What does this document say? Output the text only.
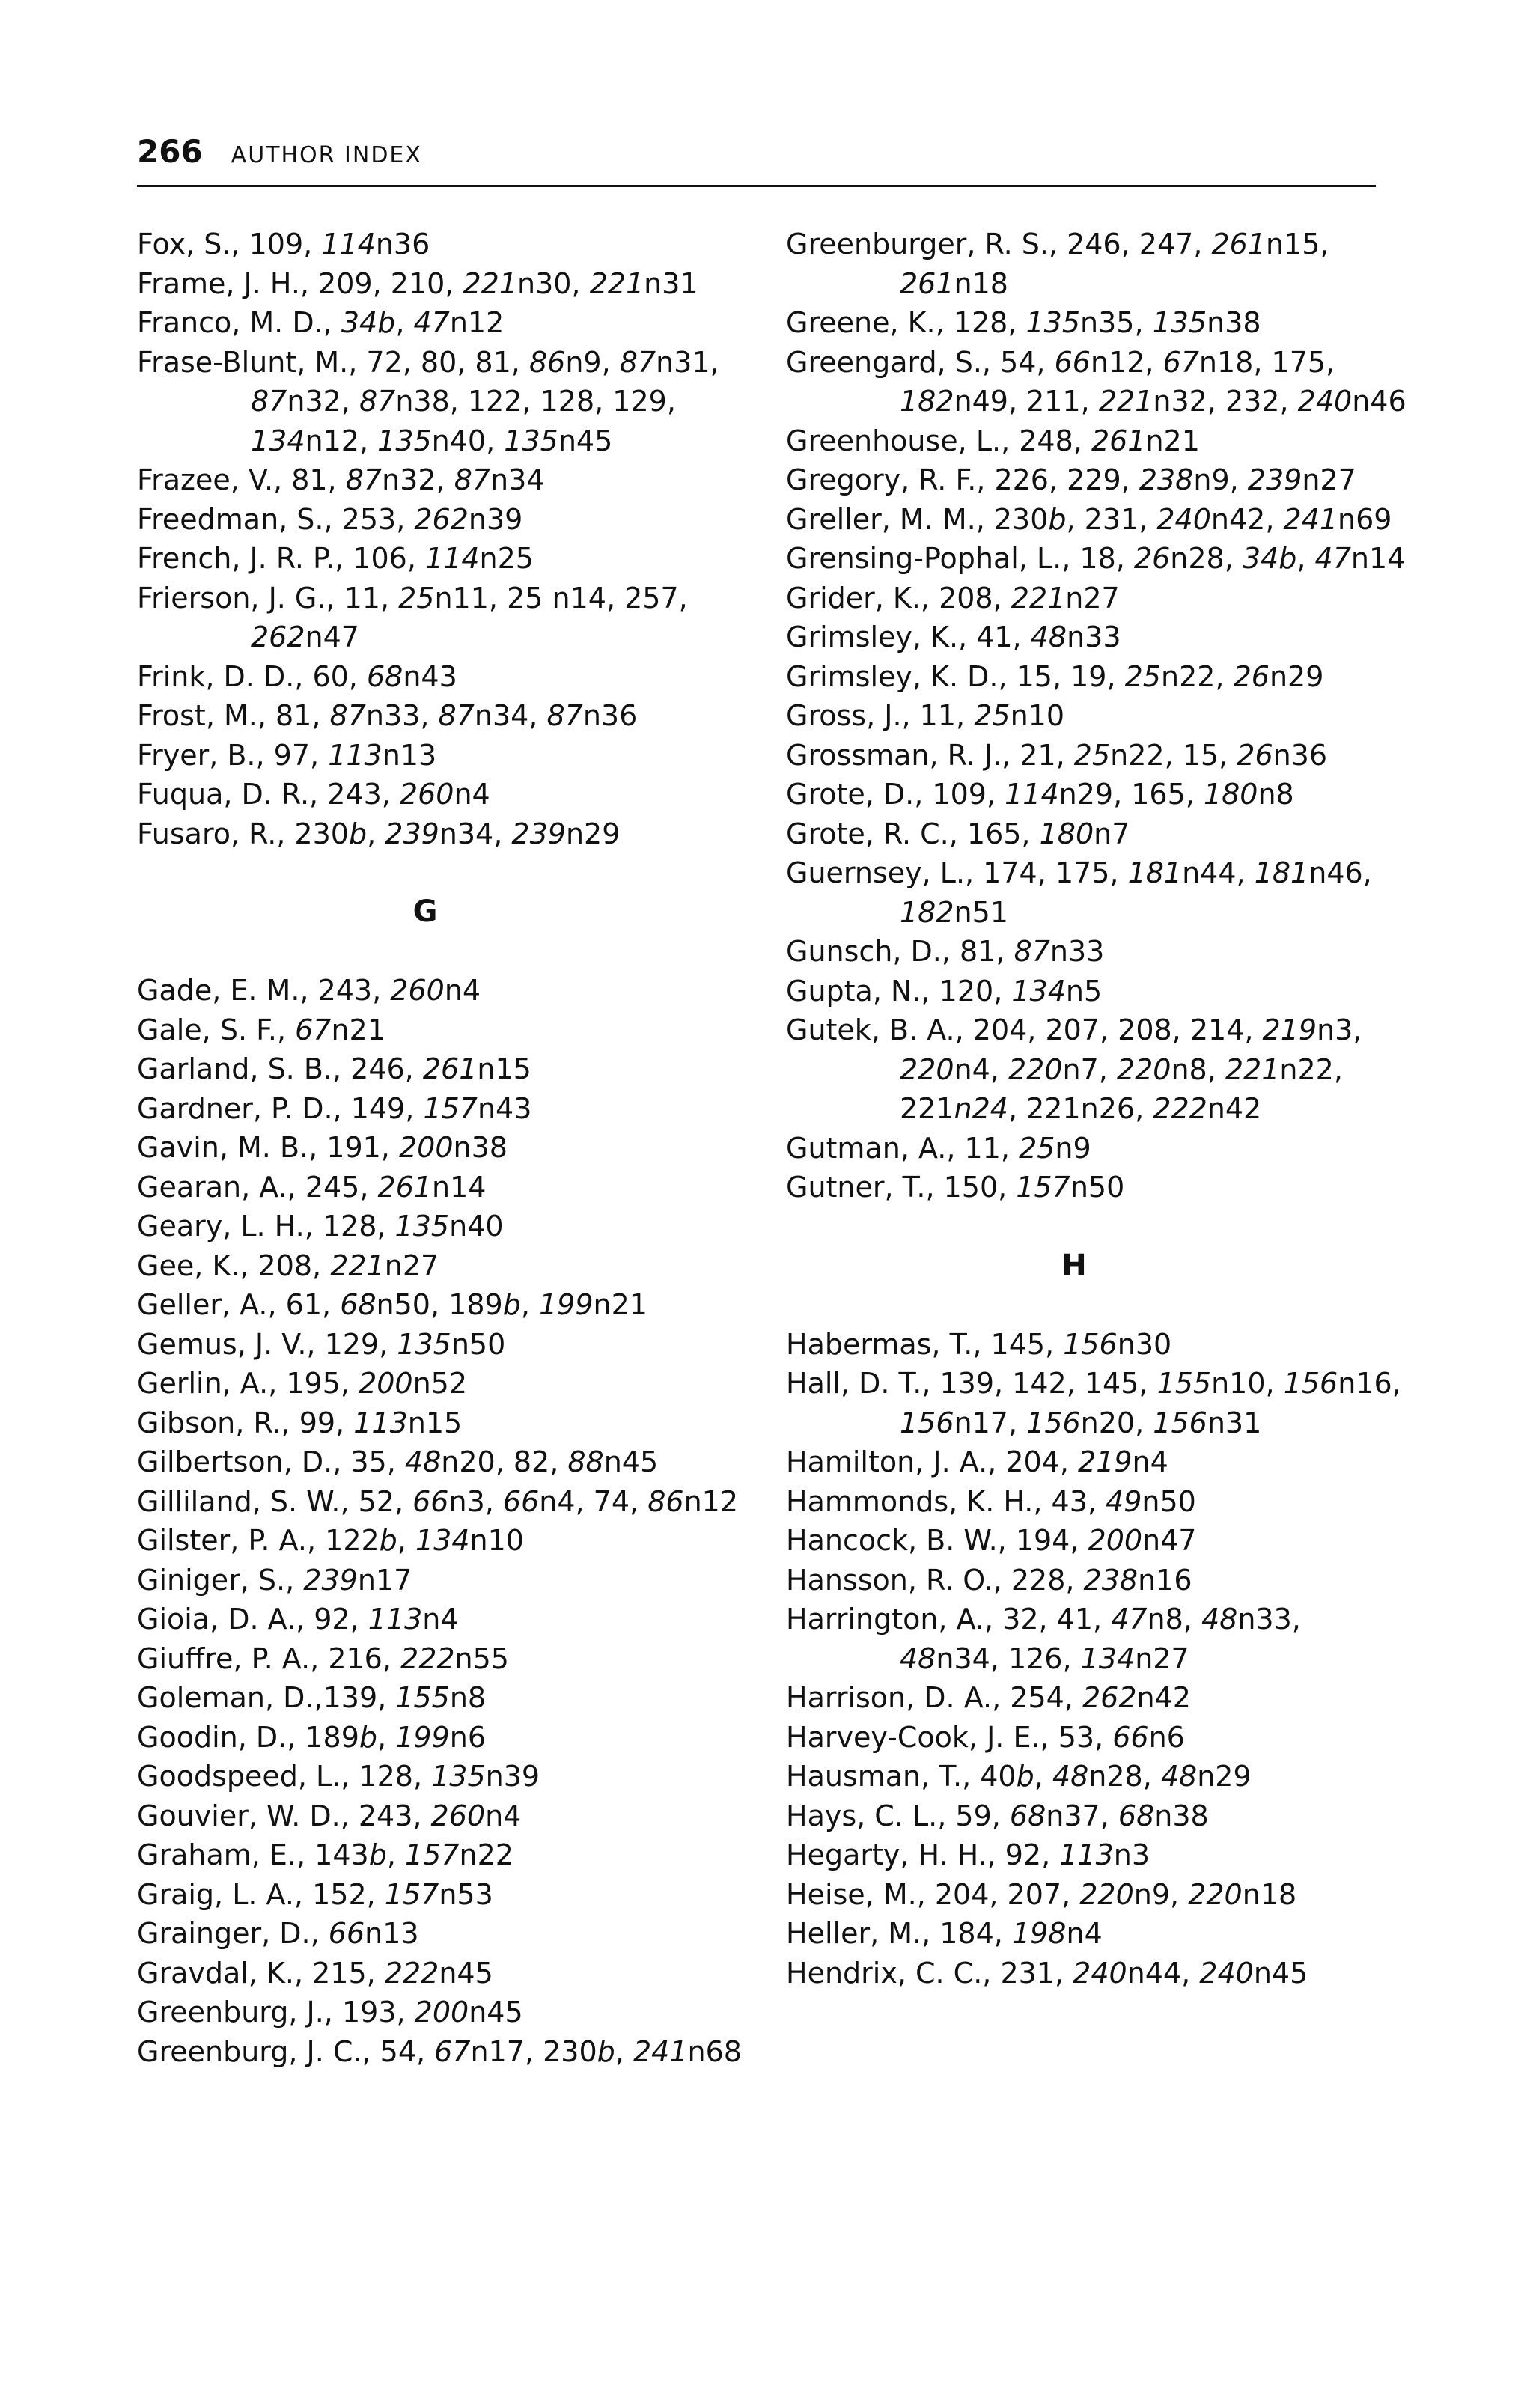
266 AUTHOR INDEX
Fox, S., 109, 114n36
Frame, J. H., 209, 210, 221n30, 221n31
Franco, M. D., 34b, 47n12
Frase-Blunt, M., 72, 80, 81, 86n9, 87n31, 87n32, 87n38, 122, 128, 129, 134n12, 135n40, 135n45
Frazee, V., 81, 87n32, 87n34
Freedman, S., 253, 262n39
French, J. R. P., 106, 114n25
Frierson, J. G., 11, 25n11, 25 n14, 257, 262n47
Frink, D. D., 60, 68n43
Frost, M., 81, 87n33, 87n34, 87n36
Fryer, B., 97, 113n13
Fuqua, D. R., 243, 260n4
Fusaro, R., 230b, 239n34, 239n29
G
Gade, E. M., 243, 260n4
Gale, S. F., 67n21
Garland, S. B., 246, 261n15
Gardner, P. D., 149, 157n43
Gavin, M. B., 191, 200n38
Gearan, A., 245, 261n14
Geary, L. H., 128, 135n40
Gee, K., 208, 221n27
Geller, A., 61, 68n50, 189b, 199n21
Gemus, J. V., 129, 135n50
Gerlin, A., 195, 200n52
Gibson, R., 99, 113n15
Gilbertson, D., 35, 48n20, 82, 88n45
Gilliland, S. W., 52, 66n3, 66n4, 74, 86n12
Gilster, P. A., 122b, 134n10
Giniger, S., 239n17
Gioia, D. A., 92, 113n4
Giuffre, P. A., 216, 222n55
Goleman, D.,139, 155n8
Goodin, D., 189b, 199n6
Goodspeed, L., 128, 135n39
Gouvier, W. D., 243, 260n4
Graham, E., 143b, 157n22
Graig, L. A., 152, 157n53
Grainger, D., 66n13
Gravdal, K., 215, 222n45
Greenburg, J., 193, 200n45
Greenburg, J. C., 54, 67n17, 230b, 241n68
Greenburger, R. S., 246, 247, 261n15, 261n18
Greene, K., 128, 135n35, 135n38
Greengard, S., 54, 66n12, 67n18, 175, 182n49, 211, 221n32, 232, 240n46
Greenhouse, L., 248, 261n21
Gregory, R. F., 226, 229, 238n9, 239n27
Greller, M. M., 230b, 231, 240n42, 241n69
Grensing-Pophal, L., 18, 26n28, 34b, 47n14
Grider, K., 208, 221n27
Grimsley, K., 41, 48n33
Grimsley, K. D., 15, 19, 25n22, 26n29
Gross, J., 11, 25n10
Grossman, R. J., 21, 25n22, 15, 26n36
Grote, D., 109, 114n29, 165, 180n8
Grote, R. C., 165, 180n7
Guernsey, L., 174, 175, 181n44, 181n46, 182n51
Gunsch, D., 81, 87n33
Gupta, N., 120, 134n5
Gutek, B. A., 204, 207, 208, 214, 219n3, 220n4, 220n7, 220n8, 221n22, 221n24, 221n26, 222n42
Gutman, A., 11, 25n9
Gutner, T., 150, 157n50
H
Habermas, T., 145, 156n30
Hall, D. T., 139, 142, 145, 155n10, 156n16, 156n17, 156n20, 156n31
Hamilton, J. A., 204, 219n4
Hammonds, K. H., 43, 49n50
Hancock, B. W., 194, 200n47
Hansson, R. O., 228, 238n16
Harrington, A., 32, 41, 47n8, 48n33, 48n34, 126, 134n27
Harrison, D. A., 254, 262n42
Harvey-Cook, J. E., 53, 66n6
Hausman, T., 40b, 48n28, 48n29
Hays, C. L., 59, 68n37, 68n38
Hegarty, H. H., 92, 113n3
Heise, M., 204, 207, 220n9, 220n18
Heller, M., 184, 198n4
Hendrix, C. C., 231, 240n44, 240n45
